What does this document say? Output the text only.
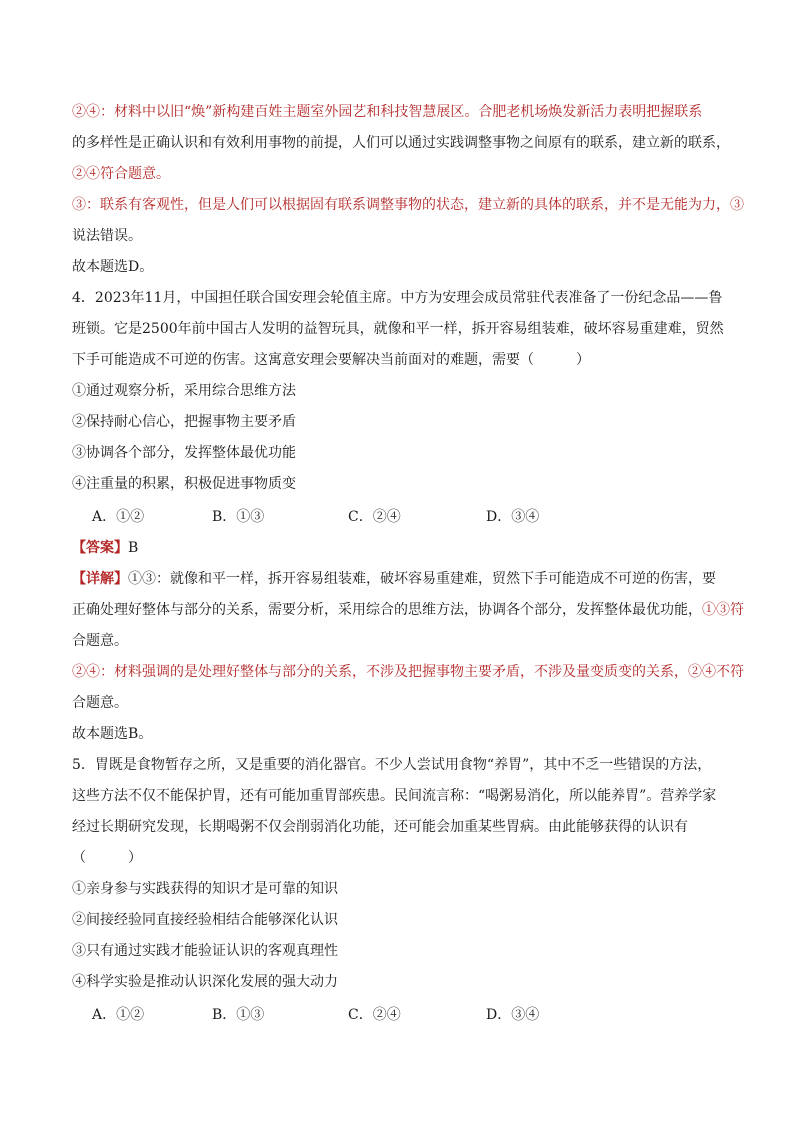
②④：材料中以旧“焕”新构建百姓主题室外园艺和科技智慧展区。合肥老机场焕发新活力表明把握联系
的多样性是正确认识和有效利用事物的前提，人们可以通过实践调整事物之间原有的联系，建立新的联系，
②④符合题意。
③：联系有客观性，但是人们可以根据固有联系调整事物的状态，建立新的具体的联系，并不是无能为力，③
说法错误。
故本题选D。
4．2023年11月，中国担任联合国安理会轮值主席。中方为安理会成员常驻代表准备了一份纪念品——鲁
班锁。它是2500年前中国古人发明的益智玩具，就像和平一样，拆开容易组装难，破坏容易重建难，贸然
下手可能造成不可逆的伤害。这寓意安理会要解决当前面对的难题，需要（　　　）
①通过观察分析，采用综合思维方法
②保持耐心信心，把握事物主要矛盾
③协调各个部分，发挥整体最优功能
④注重量的积累，积极促进事物质变
A．①②	B．①③	C．②④	D．③④
【答案】B
【详解】①③：就像和平一样，拆开容易组装难，破坏容易重建难，贸然下手可能造成不可逆的伤害，要
正确处理好整体与部分的关系，需要分析，采用综合的思维方法，协调各个部分，发挥整体最优功能，①③符
合题意。
②④：材料强调的是处理好整体与部分的关系，不涉及把握事物主要矛盾，不涉及量变质变的关系，②④不符
合题意。
故本题选B。
5．胃既是食物暂存之所，又是重要的消化器官。不少人尝试用食物“养胃”，其中不乏一些错误的方法，
这些方法不仅不能保护胃，还有可能加重胃部疾患。民间流言称：“喝粥易消化，所以能养胃”。营养学家
经过长期研究发现，长期喝粥不仅会削弱消化功能，还可能会加重某些胃病。由此能够获得的认识有
（　　　）
①亲身参与实践获得的知识才是可靠的知识
②间接经验同直接经验相结合能够深化认识
③只有通过实践才能验证认识的客观真理性
④科学实验是推动认识深化发展的强大动力
A．①②	B．①③	C．②④	D．③④
